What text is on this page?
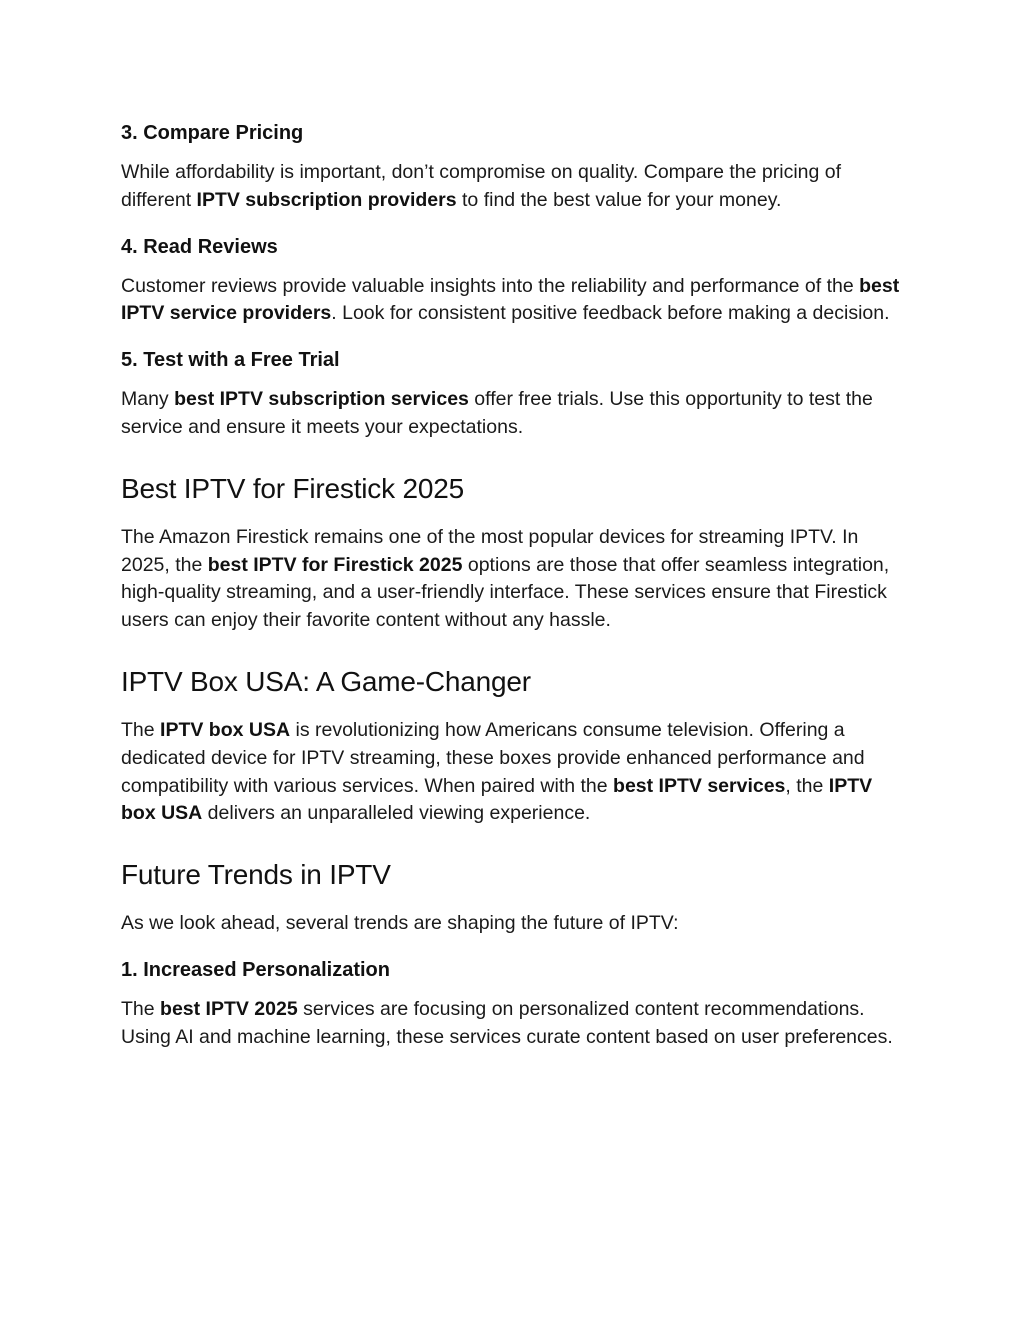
3. Compare Pricing

While affordability is important, don’t compromise on quality. Compare the pricing of different IPTV subscription providers to find the best value for your money.

4. Read Reviews

Customer reviews provide valuable insights into the reliability and performance of the best IPTV service providers. Look for consistent positive feedback before making a decision.

5. Test with a Free Trial

Many best IPTV subscription services offer free trials. Use this opportunity to test the service and ensure it meets your expectations.

Best IPTV for Firestick 2025

The Amazon Firestick remains one of the most popular devices for streaming IPTV. In 2025, the best IPTV for Firestick 2025 options are those that offer seamless integration, high-quality streaming, and a user-friendly interface. These services ensure that Firestick users can enjoy their favorite content without any hassle.

IPTV Box USA: A Game-Changer

The IPTV box USA is revolutionizing how Americans consume television. Offering a dedicated device for IPTV streaming, these boxes provide enhanced performance and compatibility with various services. When paired with the best IPTV services, the IPTV box USA delivers an unparalleled viewing experience.

Future Trends in IPTV

As we look ahead, several trends are shaping the future of IPTV:

1. Increased Personalization

The best IPTV 2025 services are focusing on personalized content recommendations. Using AI and machine learning, these services curate content based on user preferences.
